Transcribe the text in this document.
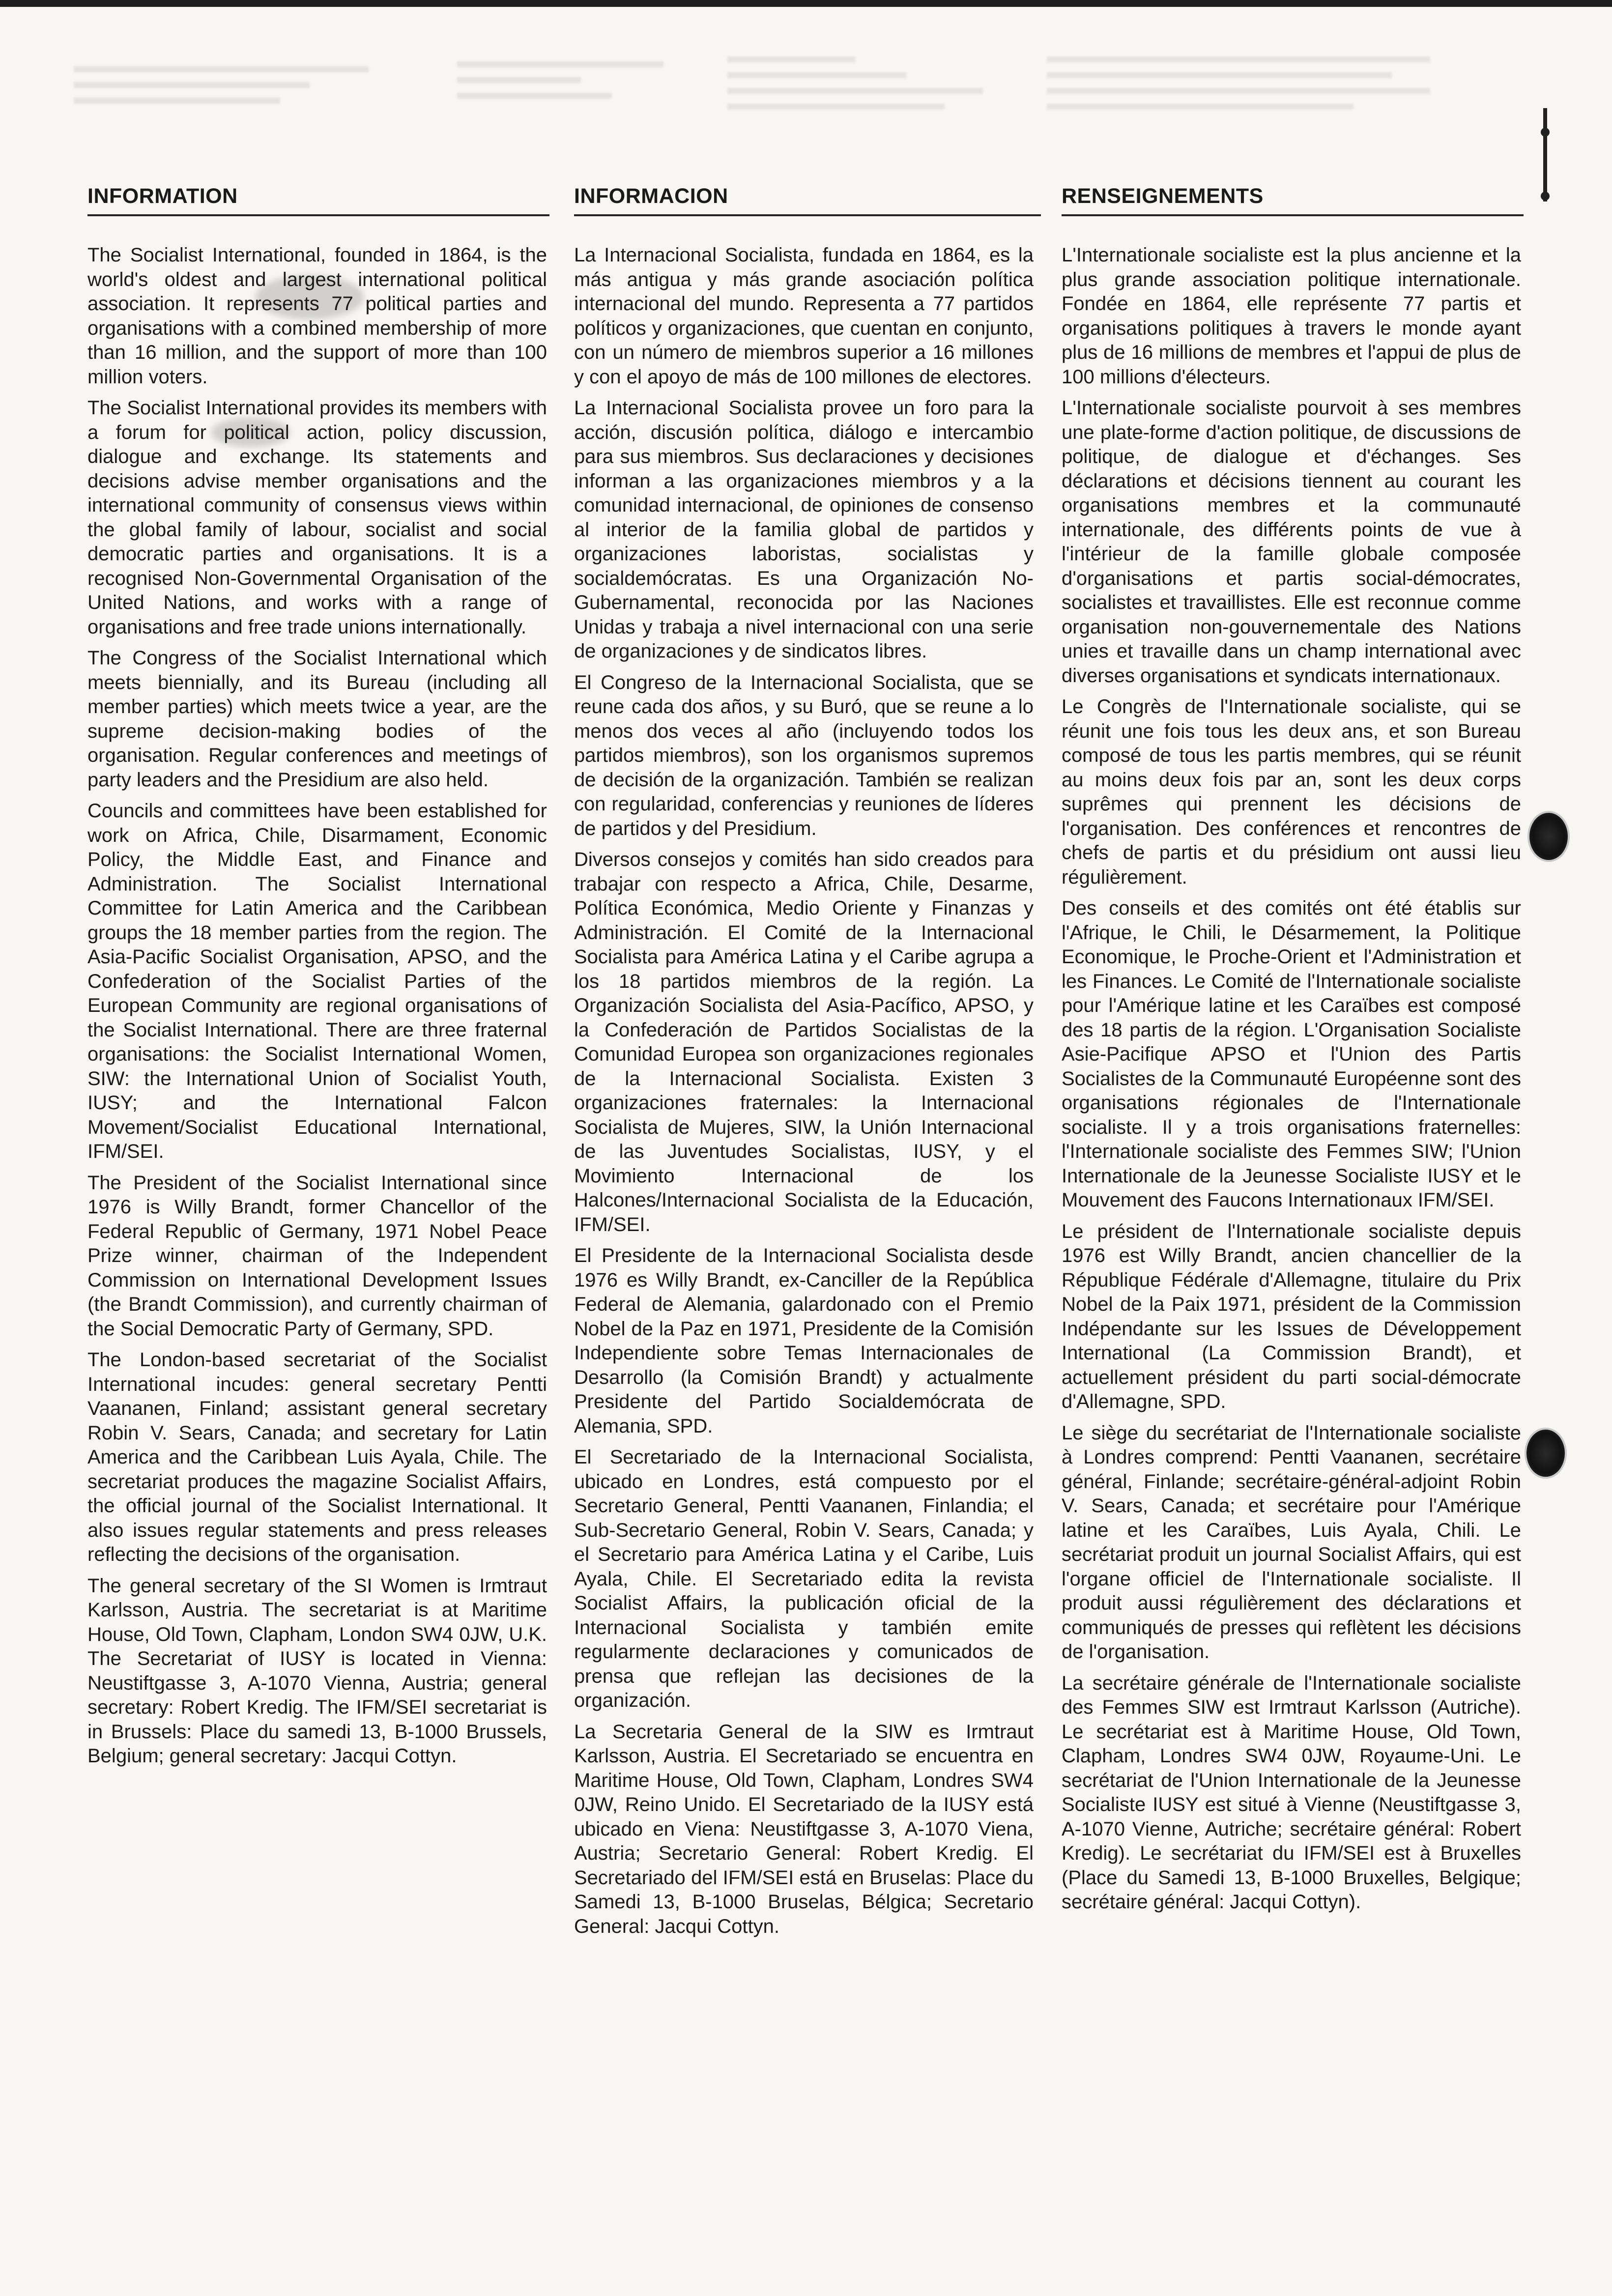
INFORMATION

The Socialist International, founded in 1864, is the world's oldest and largest international political association. It represents 77 political parties and organisations with a combined membership of more than 16 million, and the support of more than 100 million voters.

The Socialist International provides its members with a forum for political action, policy discussion, dialogue and exchange. Its statements and decisions advise member organisations and the international community of consensus views within the global family of labour, socialist and social democratic parties and organisations. It is a recognised Non-Governmental Organisation of the United Nations, and works with a range of organisations and free trade unions internationally.

The Congress of the Socialist International which meets biennially, and its Bureau (including all member parties) which meets twice a year, are the supreme decision-making bodies of the organisation. Regular conferences and meetings of party leaders and the Presidium are also held.

Councils and committees have been established for work on Africa, Chile, Disarmament, Economic Policy, the Middle East, and Finance and Administration. The Socialist International Committee for Latin America and the Caribbean groups the 18 member parties from the region. The Asia-Pacific Socialist Organisation, APSO, and the Confederation of the Socialist Parties of the European Community are regional organisations of the Socialist International. There are three fraternal organisations: the Socialist International Women, SIW: the International Union of Socialist Youth, IUSY; and the International Falcon Movement/Socialist Educational International, IFM/SEI.

The President of the Socialist International since 1976 is Willy Brandt, former Chancellor of the Federal Republic of Germany, 1971 Nobel Peace Prize winner, chairman of the Independent Commission on International Development Issues (the Brandt Commission), and currently chairman of the Social Democratic Party of Germany, SPD.

The London-based secretariat of the Socialist International incudes: general secretary Pentti Vaananen, Finland; assistant general secretary Robin V. Sears, Canada; and secretary for Latin America and the Caribbean Luis Ayala, Chile. The secretariat produces the magazine Socialist Affairs, the official journal of the Socialist International. It also issues regular statements and press releases reflecting the decisions of the organisation.

The general secretary of the SI Women is Irmtraut Karlsson, Austria. The secretariat is at Maritime House, Old Town, Clapham, London SW4 0JW, U.K. The Secretariat of IUSY is located in Vienna: Neustiftgasse 3, A-1070 Vienna, Austria; general secretary: Robert Kredig. The IFM/SEI secretariat is in Brussels: Place du samedi 13, B-1000 Brussels, Belgium; general secretary: Jacqui Cottyn.

INFORMACION

La Internacional Socialista, fundada en 1864, es la más antigua y más grande asociación política internacional del mundo. Representa a 77 partidos políticos y organizaciones, que cuentan en conjunto, con un número de miembros superior a 16 millones y con el apoyo de más de 100 millones de electores.

La Internacional Socialista provee un foro para la acción, discusión política, diálogo e intercambio para sus miembros. Sus declaraciones y decisiones informan a las organizaciones miembros y a la comunidad internacional, de opiniones de consenso al interior de la familia global de partidos y organizaciones laboristas, socialistas y socialdemócratas. Es una Organización No-Gubernamental, reconocida por las Naciones Unidas y trabaja a nivel internacional con una serie de organizaciones y de sindicatos libres.

El Congreso de la Internacional Socialista, que se reune cada dos años, y su Buró, que se reune a lo menos dos veces al año (incluyendo todos los partidos miembros), son los organismos supremos de decisión de la organización. También se realizan con regularidad, conferencias y reuniones de líderes de partidos y del Presidium.

Diversos consejos y comités han sido creados para trabajar con respecto a Africa, Chile, Desarme, Política Económica, Medio Oriente y Finanzas y Administración. El Comité de la Internacional Socialista para América Latina y el Caribe agrupa a los 18 partidos miembros de la región. La Organización Socialista del Asia-Pacífico, APSO, y la Confederación de Partidos Socialistas de la Comunidad Europea son organizaciones regionales de la Internacional Socialista. Existen 3 organizaciones fraternales: la Internacional Socialista de Mujeres, SIW, la Unión Internacional de las Juventudes Socialistas, IUSY, y el Movimiento Internacional de los Halcones/Internacional Socialista de la Educación, IFM/SEI.

El Presidente de la Internacional Socialista desde 1976 es Willy Brandt, ex-Canciller de la República Federal de Alemania, galardonado con el Premio Nobel de la Paz en 1971, Presidente de la Comisión Independiente sobre Temas Internacionales de Desarrollo (la Comisión Brandt) y actualmente Presidente del Partido Socialdemócrata de Alemania, SPD.

El Secretariado de la Internacional Socialista, ubicado en Londres, está compuesto por el Secretario General, Pentti Vaananen, Finlandia; el Sub-Secretario General, Robin V. Sears, Canada; y el Secretario para América Latina y el Caribe, Luis Ayala, Chile. El Secretariado edita la revista Socialist Affairs, la publicación oficial de la Internacional Socialista y también emite regularmente declaraciones y comunicados de prensa que reflejan las decisiones de la organización.

La Secretaria General de la SIW es Irmtraut Karlsson, Austria. El Secretariado se encuentra en Maritime House, Old Town, Clapham, Londres SW4 0JW, Reino Unido. El Secretariado de la IUSY está ubicado en Viena: Neustiftgasse 3, A-1070 Viena, Austria; Secretario General: Robert Kredig. El Secretariado del IFM/SEI está en Bruselas: Place du Samedi 13, B-1000 Bruselas, Bélgica; Secretario General: Jacqui Cottyn.

RENSEIGNEMENTS

L'Internationale socialiste est la plus ancienne et la plus grande association politique internationale. Fondée en 1864, elle représente 77 partis et organisations politiques à travers le monde ayant plus de 16 millions de membres et l'appui de plus de 100 millions d'électeurs.

L'Internationale socialiste pourvoit à ses membres une plate-forme d'action politique, de discussions de politique, de dialogue et d'échanges. Ses déclarations et décisions tiennent au courant les organisations membres et la communauté internationale, des différents points de vue à l'intérieur de la famille globale composée d'organisations et partis social-démocrates, socialistes et travaillistes. Elle est reconnue comme organisation non-gouvernementale des Nations unies et travaille dans un champ international avec diverses organisations et syndicats internationaux.

Le Congrès de l'Internationale socialiste, qui se réunit une fois tous les deux ans, et son Bureau composé de tous les partis membres, qui se réunit au moins deux fois par an, sont les deux corps suprêmes qui prennent les décisions de l'organisation. Des conférences et rencontres de chefs de partis et du présidium ont aussi lieu régulièrement.

Des conseils et des comités ont été établis sur l'Afrique, le Chili, le Désarmement, la Politique Economique, le Proche-Orient et l'Administration et les Finances. Le Comité de l'Internationale socialiste pour l'Amérique latine et les Caraïbes est composé des 18 partis de la région. L'Organisation Socialiste Asie-Pacifique APSO et l'Union des Partis Socialistes de la Communauté Européenne sont des organisations régionales de l'Internationale socialiste. Il y a trois organisations fraternelles: l'Internationale socialiste des Femmes SIW; l'Union Internationale de la Jeunesse Socialiste IUSY et le Mouvement des Faucons Internationaux IFM/SEI.

Le président de l'Internationale socialiste depuis 1976 est Willy Brandt, ancien chancellier de la République Fédérale d'Allemagne, titulaire du Prix Nobel de la Paix 1971, président de la Commission Indépendante sur les Issues de Développement International (La Commission Brandt), et actuellement président du parti social-démocrate d'Allemagne, SPD.

Le siège du secrétariat de l'Internationale socialiste à Londres comprend: Pentti Vaananen, secrétaire général, Finlande; secrétaire-général-adjoint Robin V. Sears, Canada; et secrétaire pour l'Amérique latine et les Caraïbes, Luis Ayala, Chili. Le secrétariat produit un journal Socialist Affairs, qui est l'organe officiel de l'Internationale socialiste. Il produit aussi régulièrement des déclarations et communiqués de presses qui reflètent les décisions de l'organisation.

La secrétaire générale de l'Internationale socialiste des Femmes SIW est Irmtraut Karlsson (Autriche). Le secrétariat est à Maritime House, Old Town, Clapham, Londres SW4 0JW, Royaume-Uni. Le secrétariat de l'Union Internationale de la Jeunesse Socialiste IUSY est situé à Vienne (Neustiftgasse 3, A-1070 Vienne, Autriche; secrétaire général: Robert Kredig). Le secrétariat du IFM/SEI est à Bruxelles (Place du Samedi 13, B-1000 Bruxelles, Belgique; secrétaire général: Jacqui Cottyn).
